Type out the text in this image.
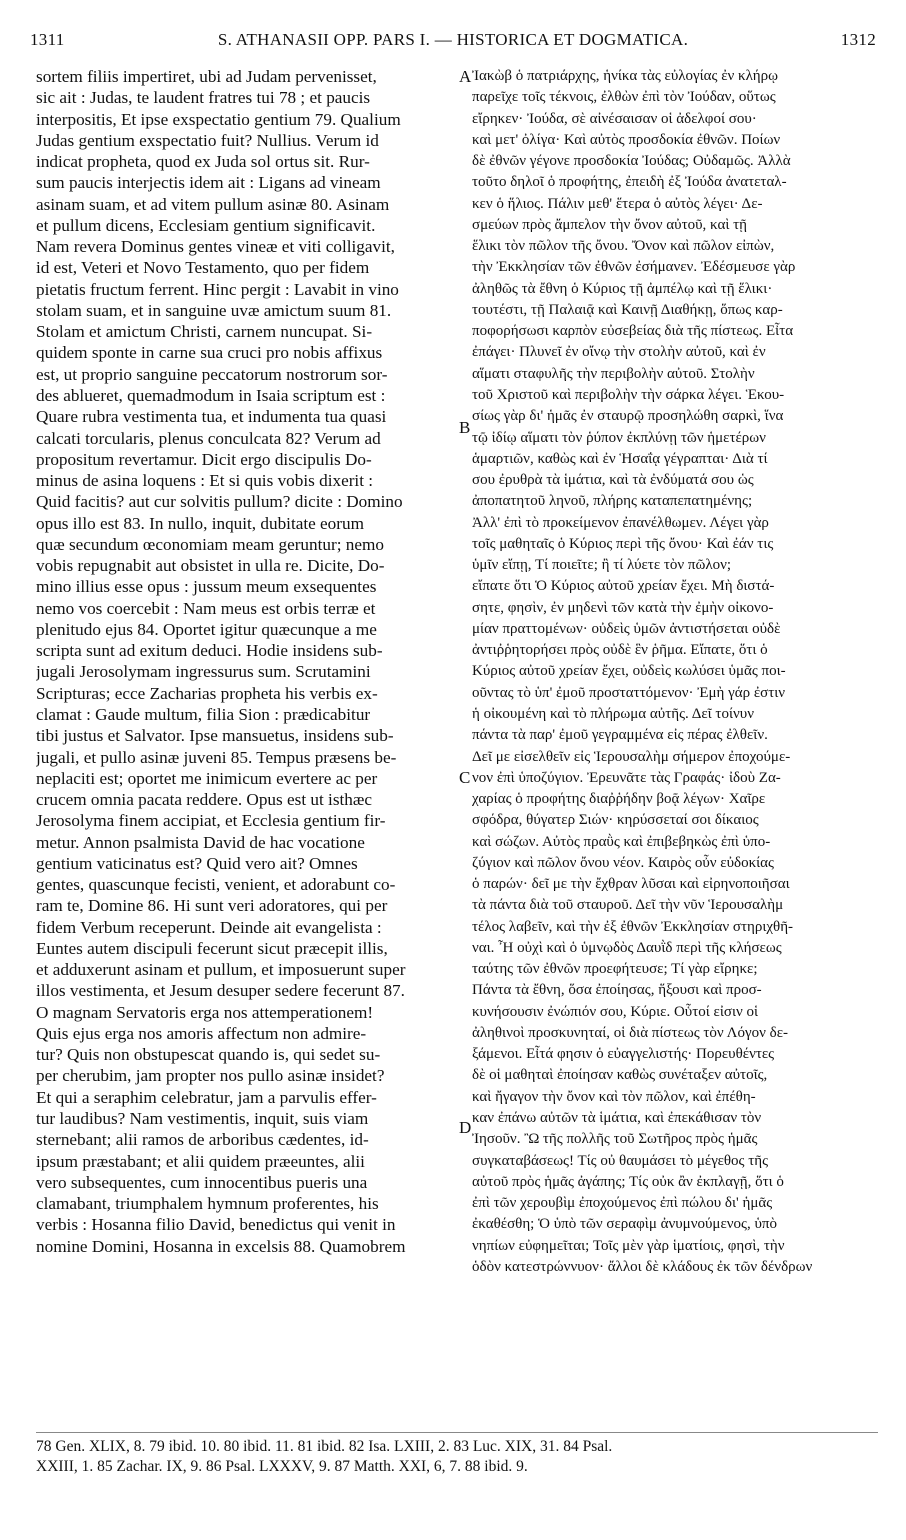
1311	S. ATHANASII OPP. PARS I. — HISTORICA ET DOGMATICA.	1312
sortem filiis impertiret, ubi ad Judam pervenisset,
sic ait : Judas, te laudent fratres tui 78 ; et paucis
interpositis, Et ipse exspectatio gentium 79. Qualium
Judas gentium exspectatio fuit? Nullius. Verum id
indicat propheta, quod ex Juda sol ortus sit. Rur-
sum paucis interjectis idem ait : Ligans ad vineam
asinam suam, et ad vitem pullum asinæ 80. Asinam
et pullum dicens, Ecclesiam gentium significavit.
Nam revera Dominus gentes vineæ et viti colligavit,
id est, Veteri et Novo Testamento, quo per fidem
pietatis fructum ferrent. Hinc pergit : Lavabit in vino
stolam suam, et in sanguine uvæ amictum suum 81.
Stolam et amictum Christi, carnem nuncupat. Si-
quidem sponte in carne sua cruci pro nobis affixus
est, ut proprio sanguine peccatorum nostrorum sor-
des ablueret, quemadmodum in Isaia scriptum est :
Quare rubra vestimenta tua, et indumenta tua quasi
calcati torcularis, plenus conculcata 82? Verum ad
propositum revertamur. Dicit ergo discipulis Do-
minus de asina loquens : Et si quis vobis dixerit :
Quid facitis? aut cur solvitis pullum? dicite : Domino
opus illo est 83. In nullo, inquit, dubitate eorum
quæ secundum œconomiam meam geruntur; nemo
vobis repugnabit aut obsistet in ulla re. Dicite, Do-
mino illius esse opus : jussum meum exsequentes
nemo vos coercebit : Nam meus est orbis terræ et
plenitudo ejus 84. Oportet igitur quæcunque a me
scripta sunt ad exitum deduci. Hodie insidens sub-
jugali Jerosolymam ingressurus sum. Scrutamini
Scripturas; ecce Zacharias propheta his verbis ex-
clamat : Gaude multum, filia Sion : prædicabitur
tibi justus et Salvator. Ipse mansuetus, insidens sub-
jugali, et pullo asinæ juveni 85. Tempus præsens be-
neplaciti est; oportet me inimicum evertere ac per
crucem omnia pacata reddere. Opus est ut isthæc
Jerosolyma finem accipiat, et Ecclesia gentium fir-
metur. Annon psalmista David de hac vocatione
gentium vaticinatus est? Quid vero ait? Omnes
gentes, quascunque fecisti, venient, et adorabunt co-
ram te, Domine 86. Hi sunt veri adoratores, qui per
fidem Verbum receperunt. Deinde ait evangelista :
Euntes autem discipuli fecerunt sicut præcepit illis,
et adduxerunt asinam et pullum, et imposuerunt super
illos vestimenta, et Jesum desuper sedere fecerunt 87.
O magnam Servatoris erga nos attemperationem!
Quis ejus erga nos amoris affectum non admire-
tur? Quis non obstupescat quando is, qui sedet su-
per cherubim, jam propter nos pullo asinæ insidet?
Et qui a seraphim celebratur, jam a parvulis effer-
tur laudibus? Nam vestimentis, inquit, suis viam
sternebant; alii ramos de arboribus cædentes, id-
ipsum præstabant; et alii quidem præeuntes, alii
vero subsequentes, cum innocentibus pueris una
clamabant, triumphalem hymnum proferentes, his
verbis : Hosanna filio David, benedictus qui venit in
nomine Domini, Hosanna in excelsis 88. Quamobrem
Ἰακὼβ ὁ πατριάρχης, ἡνίκα τὰς εὐλογίας ἐν κλήρῳ
παρεῖχε τοῖς τέκνοις, ἐλθὼν ἐπὶ τὸν Ἰούδαν, οὕτως
εἴρηκεν· Ἰούδα, σὲ αἰνέσαισαν οἱ ἀδελφοί σου·
καὶ μετ' ὀλίγα· Καὶ αὐτὸς προσδοκία ἐθνῶν. Ποίων
δὲ ἐθνῶν γέγονε προσδοκία Ἰούδας; Οὐδαμῶς. Ἀλλὰ
τοῦτο δηλοῖ ὁ προφήτης, ἐπειδὴ ἐξ Ἰούδα ἀνατεταλ-
κεν ὁ ἥλιος. Πάλιν μεθ' ἕτερα ὁ αὐτὸς λέγει· Δε-
σμεύων πρὸς ἄμπελον τὴν ὄνον αὐτοῦ, καὶ τῇ
ἕλικι τὸν πῶλον τῆς ὄνου. Ὄνον καὶ πῶλον εἰπὼν,
τὴν Ἐκκλησίαν τῶν ἐθνῶν ἐσήμανεν. Ἐδέσμευσε γὰρ
ἀληθῶς τὰ ἔθνη ὁ Κύριος τῇ ἀμπέλῳ καὶ τῇ ἕλικι·
τουτέστι, τῇ Παλαιᾷ καὶ Καινῇ Διαθήκῃ, ὅπως καρ-
ποφορήσωσι καρπὸν εὐσεβείας διὰ τῆς πίστεως. Εἶτα
ἐπάγει· Πλυνεῖ ἐν οἴνῳ τὴν στολὴν αὐτοῦ, καὶ ἐν
αἵματι σταφυλῆς τὴν περιβολὴν αὐτοῦ. Στολὴν
τοῦ Χριστοῦ καὶ περιβολὴν τὴν σάρκα λέγει. Ἑκου-
σίως γὰρ δι' ἡμᾶς ἐν σταυρῷ προσηλώθη σαρκὶ, ἵνα
τῷ ἰδίῳ αἵματι τὸν ῥύπον ἐκπλύνῃ τῶν ἡμετέρων
ἁμαρτιῶν, καθὼς καὶ ἐν Ἡσαΐᾳ γέγραπται· Διὰ τί
σου ἐρυθρὰ τὰ ἱμάτια, καὶ τὰ ἐνδύματά σου ὡς
ἀποπατητοῦ ληνοῦ, πλήρης καταπεπατημένης;
Ἀλλ' ἐπὶ τὸ προκείμενον ἐπανέλθωμεν. Λέγει γὰρ
τοῖς μαθηταῖς ὁ Κύριος περὶ τῆς ὄνου· Καὶ ἐάν τις
ὑμῖν εἴπῃ, Τί ποιεῖτε; ἢ τί λύετε τὸν πῶλον;
εἴπατε ὅτι Ὁ Κύριος αὐτοῦ χρείαν ἔχει. Μὴ διστά-
σητε, φησὶν, ἐν μηδενὶ τῶν κατὰ τὴν ἐμὴν οἰκονο-
μίαν πραττομένων· οὐδεὶς ὑμῶν ἀντιστήσεται οὐδὲ
ἀντιῤῥητορήσει πρὸς οὐδὲ ἓν ῥῆμα. Εἴπατε, ὅτι ὁ
Κύριος αὐτοῦ χρείαν ἔχει, οὐδεὶς κωλύσει ὑμᾶς ποι-
οῦντας τὸ ὑπ' ἐμοῦ προσταττόμενον· Ἐμὴ γάρ ἐστιν
ἡ οἰκουμένη καὶ τὸ πλήρωμα αὐτῆς. Δεῖ τοίνυν
πάντα τὰ παρ' ἐμοῦ γεγραμμένα εἰς πέρας ἐλθεῖν.
Δεῖ με εἰσελθεῖν εἰς Ἱερουσαλὴμ σήμερον ἐποχούμε-
νον ἐπὶ ὑποζύγιον. Ἐρευνᾶτε τὰς Γραφάς· ἰδοὺ Ζα-
χαρίας ὁ προφήτης διαῤῥήδην βοᾷ λέγων· Χαῖρε
σφόδρα, θύγατερ Σιών· κηρύσσεταί σοι δίκαιος
καὶ σώζων. Αὐτὸς πραῢς καὶ ἐπιβεβηκὼς ἐπὶ ὑπο-
ζύγιον καὶ πῶλον ὄνου νέον. Καιρὸς οὖν εὐδοκίας
ὁ παρών· δεῖ με τὴν ἔχθραν λῦσαι καὶ εἰρηνοποιῆσαι
τὰ πάντα διὰ τοῦ σταυροῦ. Δεῖ τὴν νῦν Ἱερουσαλὴμ
τέλος λαβεῖν, καὶ τὴν ἐξ ἐθνῶν Ἐκκλησίαν στηριχθῆ-
ναι. Ἦ οὐχὶ καὶ ὁ ὑμνῳδὸς Δαυῒδ περὶ τῆς κλήσεως
ταύτης τῶν ἐθνῶν προεφήτευσε; Τί γὰρ εἴρηκε;
Πάντα τὰ ἔθνη, ὅσα ἐποίησας, ἥξουσι καὶ προσ-
κυνήσουσιν ἐνώπιόν σου, Κύριε. Οὗτοί εἰσιν οἱ
ἀληθινοὶ προσκυνηταί, οἱ διὰ πίστεως τὸν Λόγον δε-
ξάμενοι. Εἶτά φησιν ὁ εὐαγγελιστής· Πορευθέντες
δὲ οἱ μαθηταὶ ἐποίησαν καθὼς συνέταξεν αὐτοῖς,
καὶ ἤγαγον τὴν ὄνον καὶ τὸν πῶλον, καὶ ἐπέθη-
καν ἐπάνω αὐτῶν τὰ ἱμάτια, καὶ ἐπεκάθισαν τὸν
Ἰησοῦν. Ὢ τῆς πολλῆς τοῦ Σωτῆρος πρὸς ἡμᾶς
συγκαταβάσεως! Τίς οὐ θαυμάσει τὸ μέγεθος τῆς
αὐτοῦ πρὸς ἡμᾶς ἀγάπης; Τίς οὐκ ἂν ἐκπλαγῇ, ὅτι ὁ
ἐπὶ τῶν χερουβὶμ ἐποχούμενος ἐπὶ πώλου δι' ἡμᾶς
ἐκαθέσθη; Ὁ ὑπὸ τῶν σεραφὶμ ἀνυμνούμενος, ὑπὸ
νηπίων εὐφημεῖται; Τοῖς μὲν γὰρ ἱματίοις, φησὶ, τὴν
ὁδὸν κατεστρώννυον· ἄλλοι δὲ κλάδους ἐκ τῶν δένδρων
A
B
C
D
78 Gen. XLIX, 8. 79 ibid. 10. 80 ibid. 11. 81 ibid. 82 Isa. LXIII, 2. 83 Luc. XIX, 31. 84 Psal.
XXIII, 1. 85 Zachar. IX, 9. 86 Psal. LXXXV, 9. 87 Matth. XXI, 6, 7. 88 ibid. 9.
